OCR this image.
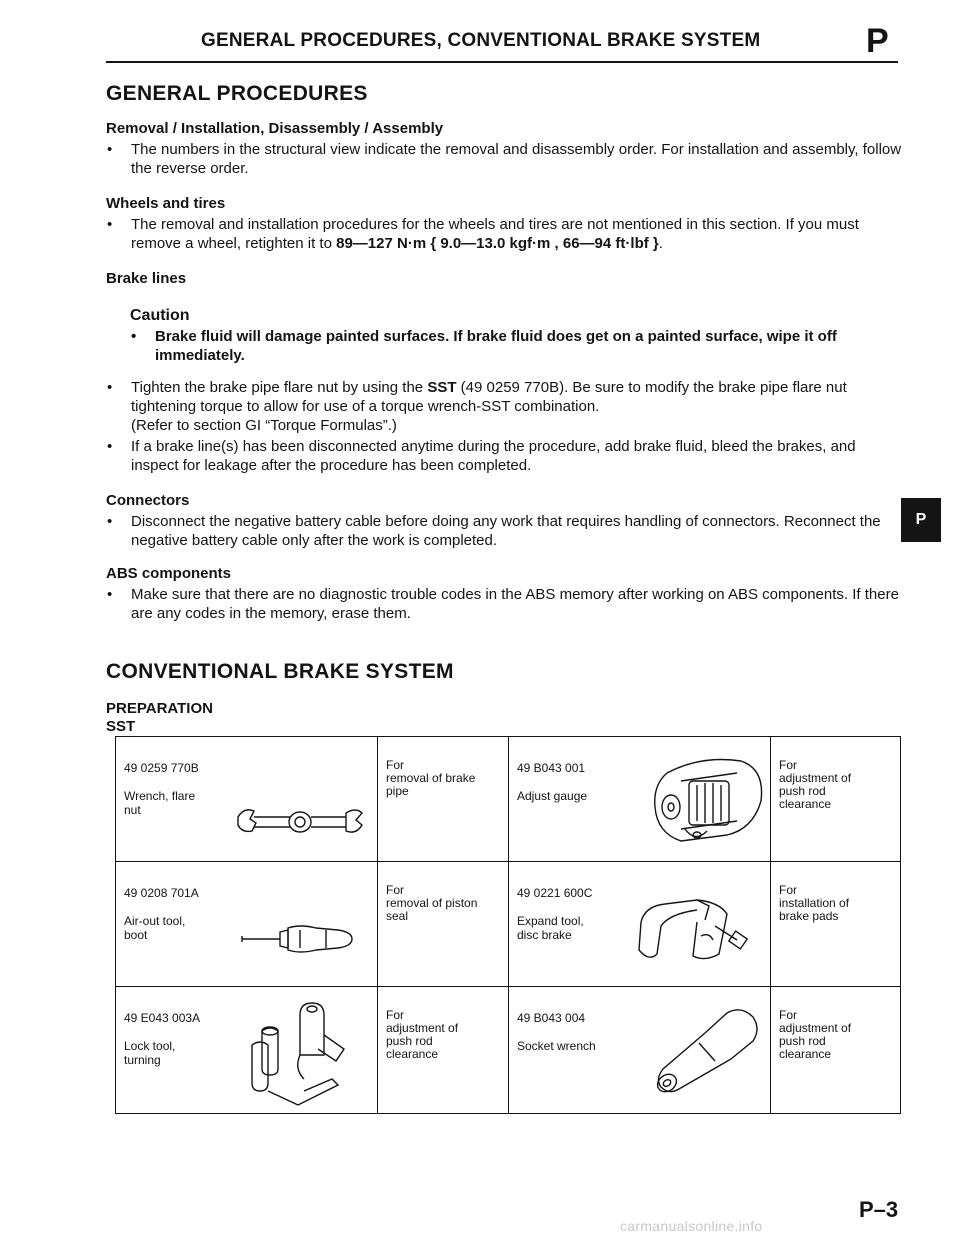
GENERAL PROCEDURES, CONVENTIONAL BRAKE SYSTEM	P
GENERAL PROCEDURES

Removal / Installation, Disassembly / Assembly

• The numbers in the structural view indicate the removal and disassembly order. For installation and assembly, follow the reverse order.

Wheels and tires

• The removal and installation procedures for the wheels and tires are not mentioned in this section. If you must remove a wheel, retighten it to 89—127 N·m { 9.0—13.0 kgf·m , 66—94 ft·lbf }.

Brake lines

Caution

• Brake fluid will damage painted surfaces. If brake fluid does get on a painted surface, wipe it off immediately.

• Tighten the brake pipe flare nut by using the SST (49 0259 770B). Be sure to modify the brake pipe flare nut tightening torque to allow for use of a torque wrench-SST combination.
(Refer to section GI “Torque Formulas”.)

• If a brake line(s) has been disconnected anytime during the procedure, add brake fluid, bleed the brakes, and inspect for leakage after the procedure has been completed.

Connectors

• Disconnect the negative battery cable before doing any work that requires handling of connectors. Reconnect the negative battery cable only after the work is completed.

P

ABS components

• Make sure that there are no diagnostic trouble codes in the ABS memory after working on ABS components. If there are any codes in the memory, erase them.

CONVENTIONAL BRAKE SYSTEM

PREPARATION

SST

49 0259 770B
Wrench, flare
nut
For
removal of brake
pipe
49 B043 001
Adjust gauge
For
adjustment of
push rod
clearance
49 0208 701A
Air-out tool,
boot
For
removal of piston
seal
49 0221 600C
Expand tool,
disc brake
For
installation of
brake pads
49 E043 003A
Lock tool,
turning
For
adjustment of
push rod
clearance
49 B043 004
Socket wrench
For
adjustment of
push rod
clearance
P–3
carmanualsonline.info
